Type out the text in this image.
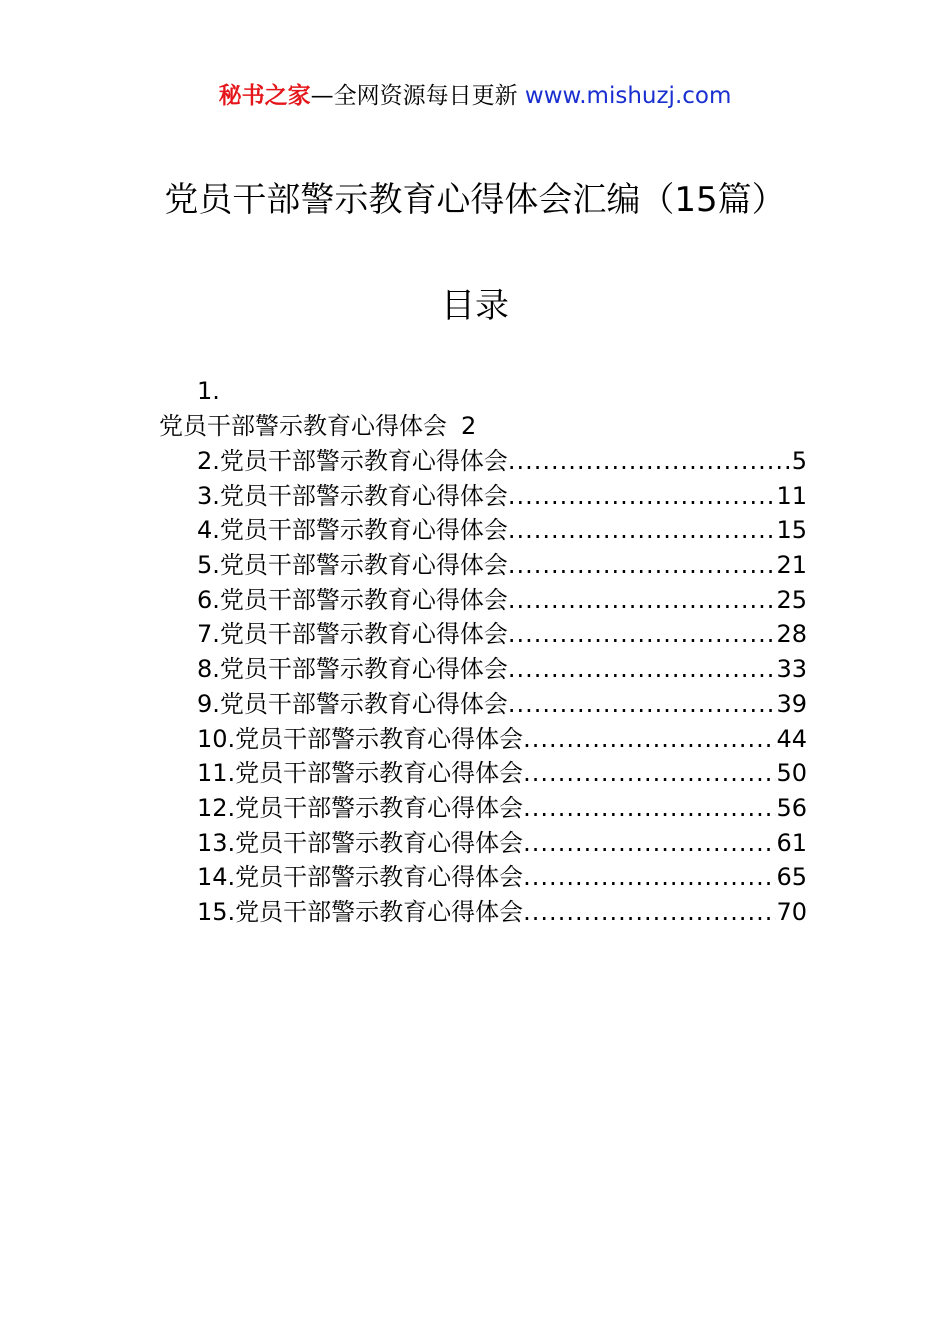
秘书之家—全网资源每日更新 www.mishuzj.com
党员干部警示教育心得体会汇编（15篇）
目录
1.
党员干部警示教育心得体会 2
2.党员干部警示教育心得体会 .....	5
3.党员干部警示教育心得体会 .....	11
4.党员干部警示教育心得体会 .....	15
5.党员干部警示教育心得体会 .....	21
6.党员干部警示教育心得体会 .....	25
7.党员干部警示教育心得体会 .....	28
8.党员干部警示教育心得体会 .....	33
9.党员干部警示教育心得体会 .....	39
10.党员干部警示教育心得体会 .....	44
11.党员干部警示教育心得体会 .....	50
12.党员干部警示教育心得体会 .....	56
13.党员干部警示教育心得体会 .....	61
14.党员干部警示教育心得体会 .....	65
15.党员干部警示教育心得体会 .....	70
